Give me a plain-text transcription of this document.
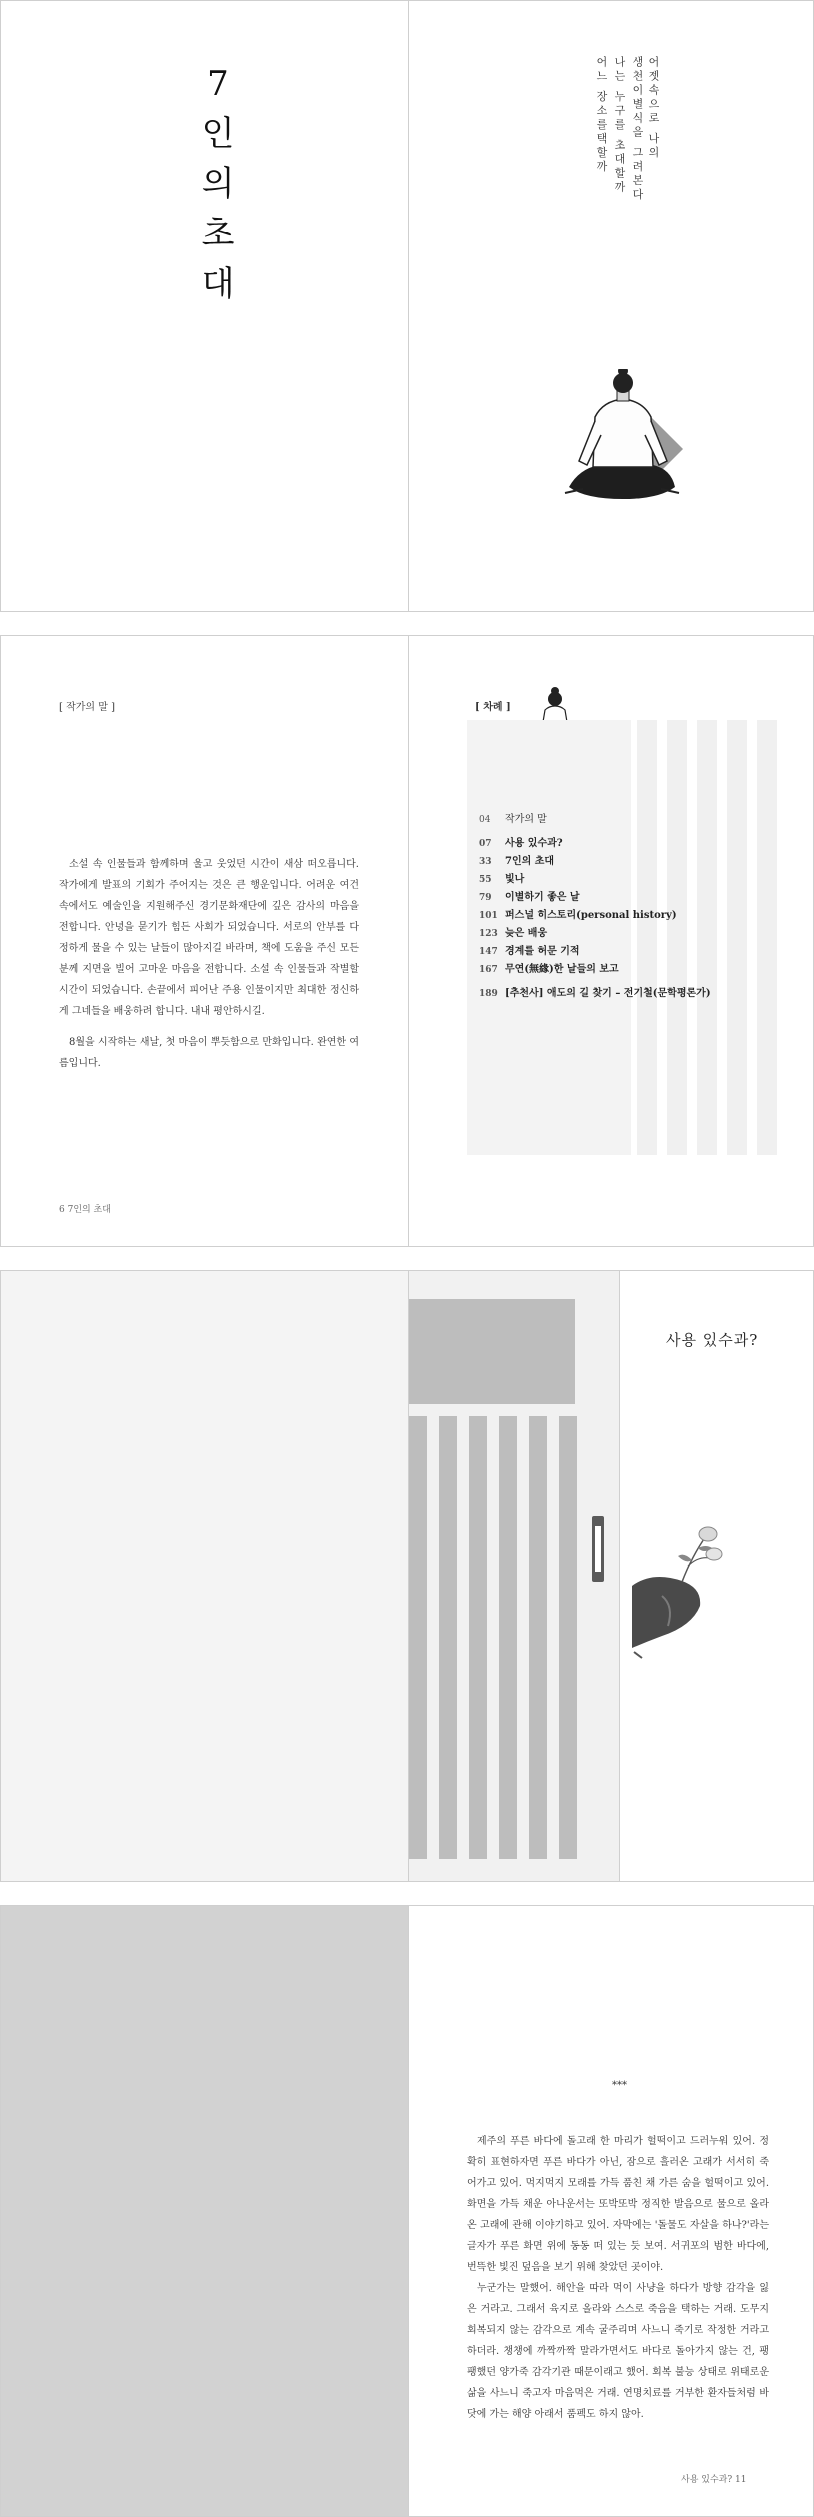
7
인
의
초
대
어젯속으로 나의
생천이별식을 그려본다
나는 누구를 초대할까
어느 장소를택할까
[ 작가의 말 ]

소설 속 인물들과 함께하며 울고 웃었던 시간이 새삼 떠오릅니다. 작가에게 발표의 기회가 주어지는 것은 큰 행운입니다. 어려운 여건 속에서도 예술인을 지원해주신 경기문화재단에 깊은 감사의 마음을 전합니다. 안녕을 묻기가 힘든 사회가 되었습니다. 서로의 안부를 다정하게 물을 수 있는 날들이 많아지길 바라며, 책에 도움을 주신 모든 분께 지면을 빌어 고마운 마음을 전합니다. 소설 속 인물들과 작별할 시간이 되었습니다. 손끝에서 피어난 주용 인물이지만 최대한 정신하게 그네들을 배웅하려 합니다. 내내 평안하시길.

8월을 시작하는 새날, 첫 마음이 뿌듯함으로 만화입니다. 완연한 여름입니다.

6 7인의 초대
[ 차례 ]
04 작가의 말
07 사용 있수과?
33 7인의 초대
55 빛나
79 이별하기 좋은 날
101 퍼스널 히스토리(personal history)
123 늦은 배웅
147 경계를 허문 기적
167 무연(無緣)한 날들의 보고
189 [추천사] 애도의 길 찾기 – 전기철(문학평론가)
사용 있수과?
***

제주의 푸른 바다에 돌고래 한 마리가 헐떡이고 드러누워 있어. 정확히 표현하자면 푸른 바다가 아닌, 잠으로 흘러온 고래가 서서히 죽어가고 있어. 먹지먹지 모래를 가득 품친 채 가른 숨을 헐떡이고 있어. 화면을 가득 채운 아나운서는 또박또박 정직한 발음으로 물으로 올라온 고래에 관해 이야기하고 있어. 자막에는 '돌물도 자살을 하나?'라는 글자가 푸른 화면 위에 동동 떠 있는 듯 보여. 서귀포의 범한 바다에, 번뜩한 빛진 덮음을 보기 위해 찾았던 곳이야.

누군가는 말했어. 해안을 따라 먹이 사냥을 하다가 방향 감각을 잃은 거라고. 그래서 육지로 올라와 스스로 죽음을 택하는 거래. 도무지 회복되지 않는 감각으로 계속 굴주리며 사느니 죽기로 작정한 거라고 하더라. 챙챙에 까짝까짝 말라가면서도 바다로 돌아가지 않는 건, 팽팽했던 양가죽 감각기관 때문이래고 했어. 회복 불능 상태로 위태로운 삶을 사느니 죽고자 마음먹은 거래. 연명치료를 거부한 환자들처럼 바닷에 가는 해양 아래서 품펙도 하지 않아.

사용 있수과? 11
